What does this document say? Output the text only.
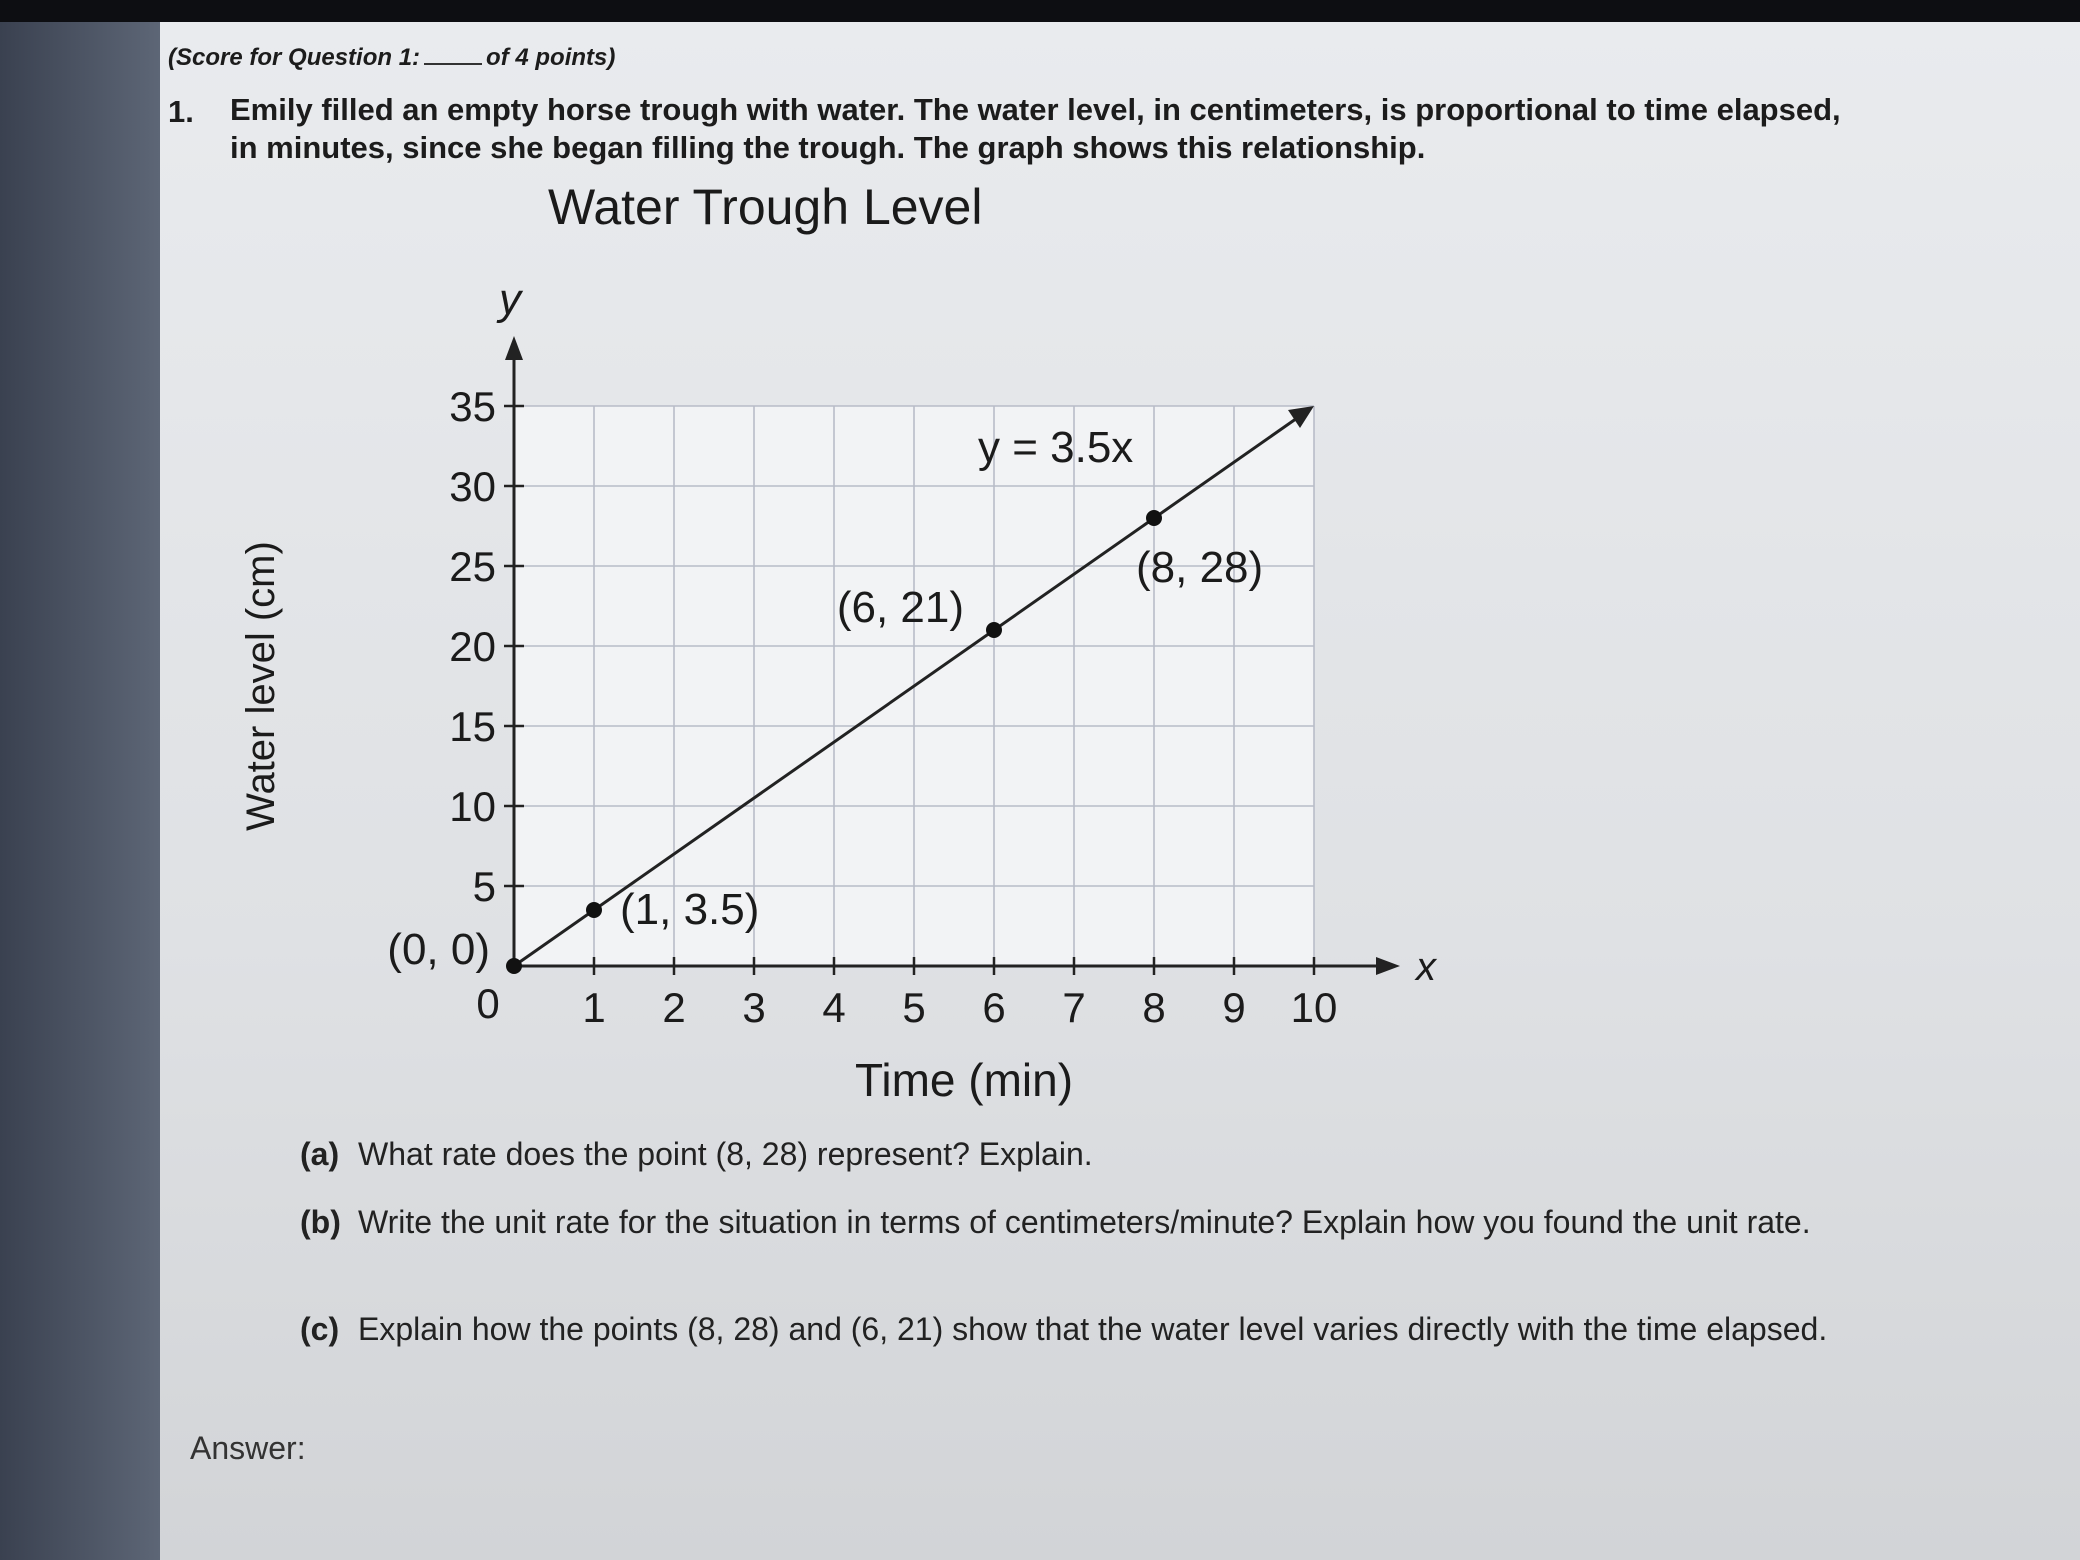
(Score for Question 1:	of 4 points)
1. Emily filled an empty horse trough with water. The water level, in centimeters, is proportional to time elapsed,
in minutes, since she began filling the trough. The graph shows this relationship.
Water Trough Level
x
y
1 2 3 4 5 6 7 8 9 10
5
10
15
20
25
30
35
0
Time (min)
Water level (cm)
y = 3.5x
(0, 0)
(1, 3.5)
(6, 21)
(8, 28)
(a) What rate does the point (8, 28) represent? Explain.
(b) Write the unit rate for the situation in terms of centimeters/minute? Explain how you found the unit rate.
(c) Explain how the points (8, 28) and (6, 21) show that the water level varies directly with the time elapsed.
Answer:
